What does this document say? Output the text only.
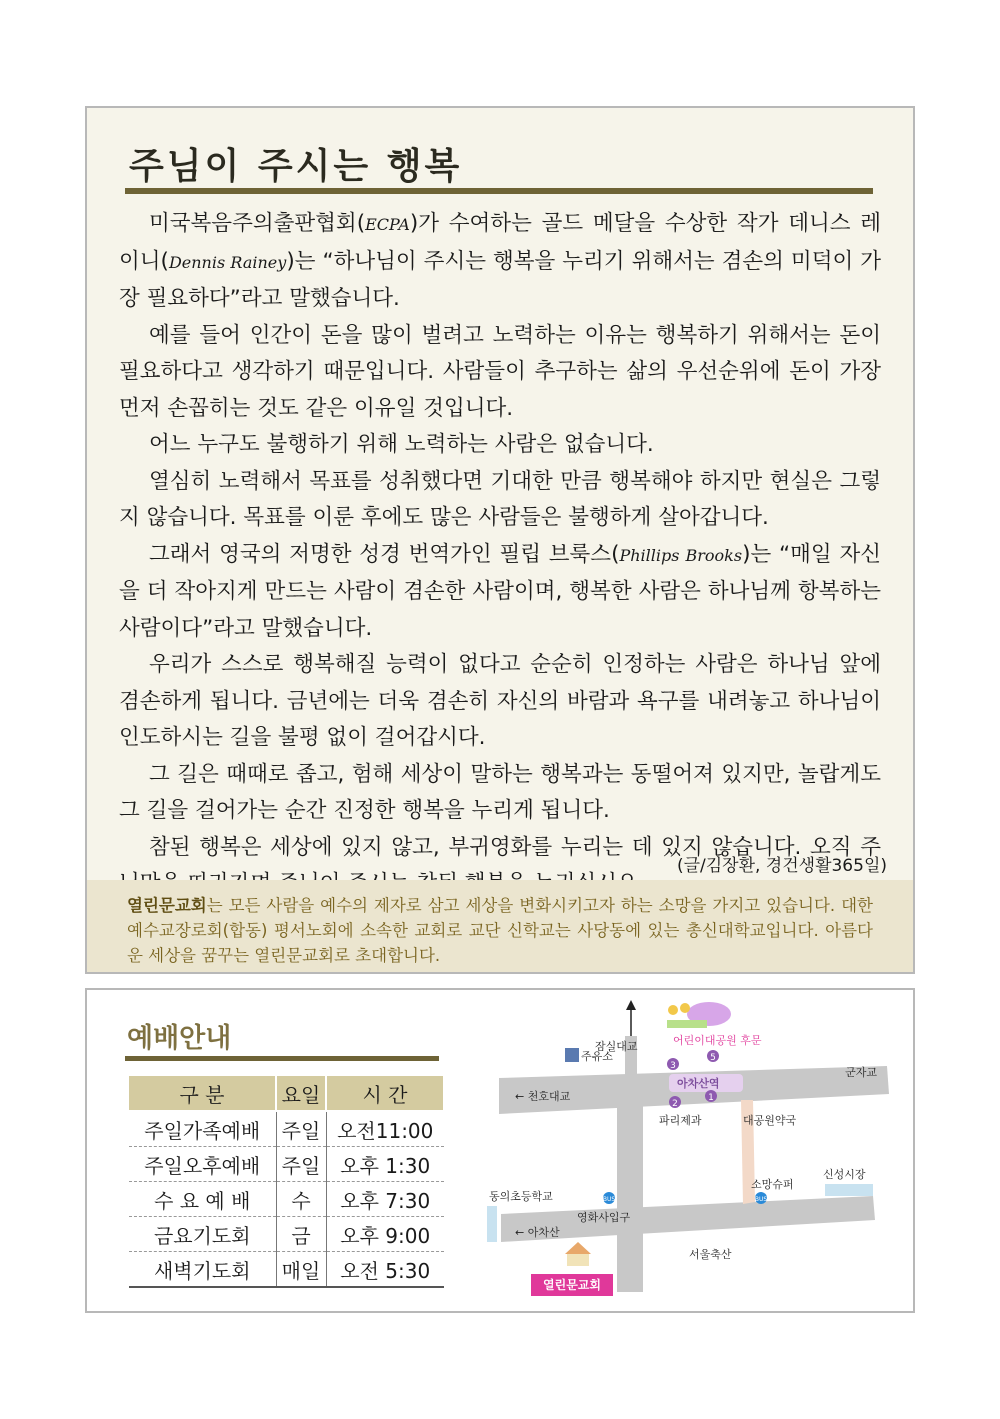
주님이 주시는 행복

미국복음주의출판협회(ECPA)가 수여하는 골드 메달을 수상한 작가 데니스 레이니(Dennis Rainey)는 “하나님이 주시는 행복을 누리기 위해서는 겸손의 미덕이 가장 필요하다”라고 말했습니다.

예를 들어 인간이 돈을 많이 벌려고 노력하는 이유는 행복하기 위해서는 돈이 필요하다고 생각하기 때문입니다. 사람들이 추구하는 삶의 우선순위에 돈이 가장 먼저 손꼽히는 것도 같은 이유일 것입니다.

어느 누구도 불행하기 위해 노력하는 사람은 없습니다.

열심히 노력해서 목표를 성취했다면 기대한 만큼 행복해야 하지만 현실은 그렇지 않습니다. 목표를 이룬 후에도 많은 사람들은 불행하게 살아갑니다.

그래서 영국의 저명한 성경 번역가인 필립 브룩스(Phillips Brooks)는 “매일 자신을 더 작아지게 만드는 사람이 겸손한 사람이며, 행복한 사람은 하나님께 항복하는 사람이다”라고 말했습니다.

우리가 스스로 행복해질 능력이 없다고 순순히 인정하는 사람은 하나님 앞에 겸손하게 됩니다. 금년에는 더욱 겸손히 자신의 바람과 욕구를 내려놓고 하나님이 인도하시는 길을 불평 없이 걸어갑시다.

그 길은 때때로 좁고, 험해 세상이 말하는 행복과는 동떨어져 있지만, 놀랍게도 그 길을 걸어가는 순간 진정한 행복을 누리게 됩니다.

참된 행복은 세상에 있지 않고, 부귀영화를 누리는 데 있지 않습니다. 오직 주

(글/김장환, 경건생활365일)
열린문교회는 모든 사람을 예수의 제자로 삼고 세상을 변화시키고자 하는 소망을 가지고 있습니다. 대한예수교장로회(합동) 평서노회에 소속한 교회로 교단 신학교는 사당동에 있는 총신대학교입니다. 아름다운 세상을 꿈꾸는 열린문교회로 초대합니다.
예배안내
구 분	요일	시 간
주일가족예배	주일	오전11:00
주일오후예배	주일	오후 1:30
수 요 예 배	수	오후 7:30
금요기도회	금	오후 9:00
새벽기도회	매일	오전 5:30
어린이대공원 후문
잠실대교
주유소
← 천호대교
군자교
아차산역
3
5
2
1
파리제과	대공원약국
소망슈퍼
신성시장
동의초등학교
영화사입구
← 아차산
서울축산
BUS	BUS
열린문교회
